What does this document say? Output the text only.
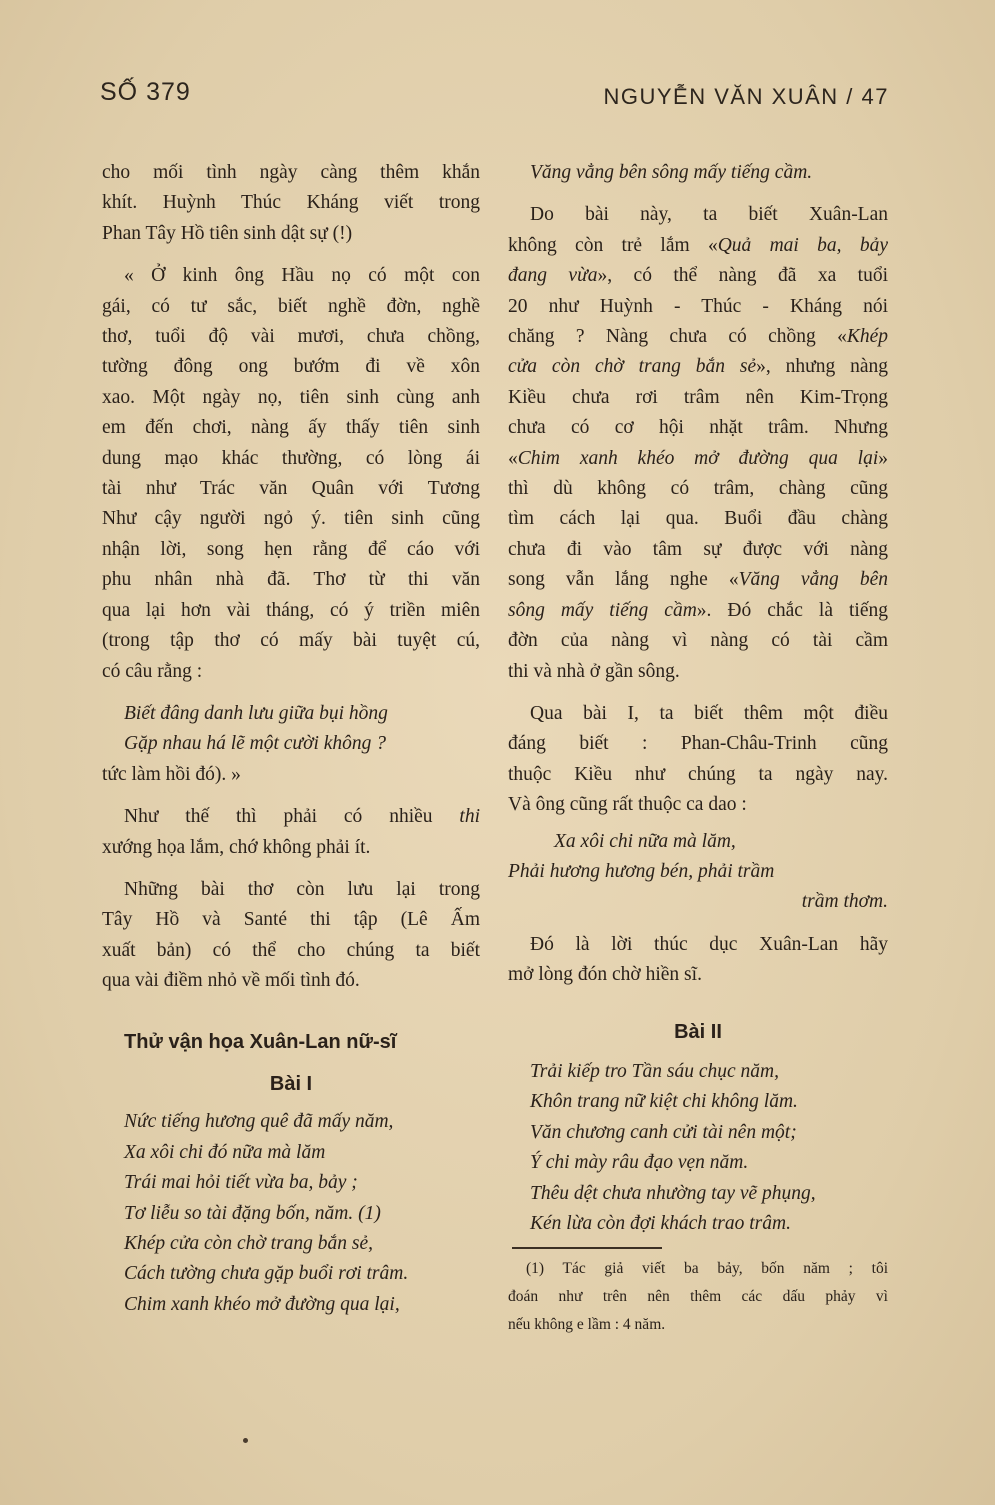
SỐ 379	NGUYỄN VĂN XUÂN / 47

cho mối tình ngày càng thêm khắn

khít. Huỳnh Thúc Kháng viết trong

Phan Tây Hồ tiên sinh dật sự (!)

« Ở kinh ông Hầu nọ có một con

gái, có tư sắc, biết nghề đờn, nghề

thơ, tuổi độ vài mươi, chưa chồng,

tường đông ong bướm đi về xôn

xao. Một ngày nọ, tiên sinh cùng anh

em đến chơi, nàng ấy thấy tiên sinh

dung mạo khác thường, có lòng ái

tài như Trác văn Quân với Tương

Như cậy người ngỏ ý. tiên sinh cũng

nhận lời, song hẹn rằng để cáo với

phu nhân nhà đã. Thơ từ thi văn

qua lại hơn vài tháng, có ý triền miên

(trong tập thơ có mấy bài tuyệt cú,

có câu rằng :

Biết đâng danh lưu giữa bụi hồng

Gặp nhau há lẽ một cười không ?

tức làm hồi đó). »

Như thế thì phải có nhiều thi

xướng họa lắm, chớ không phải ít.

Những bài thơ còn lưu lại trong

Tây Hồ và Santé thi tập (Lê Ấm

xuất bản) có thể cho chúng ta biết

qua vài điềm nhỏ về mối tình đó.

Thử vận họa Xuân-Lan nữ-sĩ

Bài I

Nức tiếng hương quê đã mấy năm,

Xa xôi chi đó nữa mà lăm

Trái mai hỏi tiết vừa ba, bảy ;

Tơ liễu so tài đặng bốn, năm. (1)

Khép cửa còn chờ trang bắn sẻ,

Cách tường chưa gặp buổi rơi trâm.

Chim xanh khéo mở đường qua lại,

Văng vẳng bên sông mấy tiếng cầm.

Do bài này, ta biết Xuân-Lan

không còn trẻ lắm «Quả mai ba, bảy

đang vừa», có thể nàng đã xa tuổi

20 như Huỳnh - Thúc - Kháng nói

chăng ? Nàng chưa có chồng «Khép

cửa còn chờ trang bắn sẻ», nhưng nàng

Kiều chưa rơi trâm nên Kim-Trọng

chưa có cơ hội nhặt trâm. Nhưng

«Chim xanh khéo mở đường qua lại»

thì dù không có trâm, chàng cũng

tìm cách lại qua. Buổi đầu chàng

chưa đi vào tâm sự được với nàng

song vẫn lắng nghe «Văng vẳng bên

sông mấy tiếng cầm». Đó chắc là tiếng

đờn của nàng vì nàng có tài cầm

thi và nhà ở gần sông.

Qua bài I, ta biết thêm một điều

đáng biết : Phan-Châu-Trinh cũng

thuộc Kiều như chúng ta ngày nay.

Và ông cũng rất thuộc ca dao :

Xa xôi chi nữa mà lăm,

Phải hương hương bén, phải trầm

trầm thơm.

Đó là lời thúc dục Xuân-Lan hãy

mở lòng đón chờ hiền sĩ.

Bài II

Trải kiếp tro Tần sáu chục năm,

Khôn trang nữ kiệt chi không lăm.

Văn chương canh cửi tài nên một;

Ý chi mày râu đạo vẹn năm.

Thêu dệt chưa nhường tay vẽ phụng,

Kén lừa còn đợi khách trao trâm.

(1) Tác giả viết ba bảy, bốn năm ; tôi

đoán như trên nên thêm các dấu phảy vì

nếu không e lầm : 4 năm.
